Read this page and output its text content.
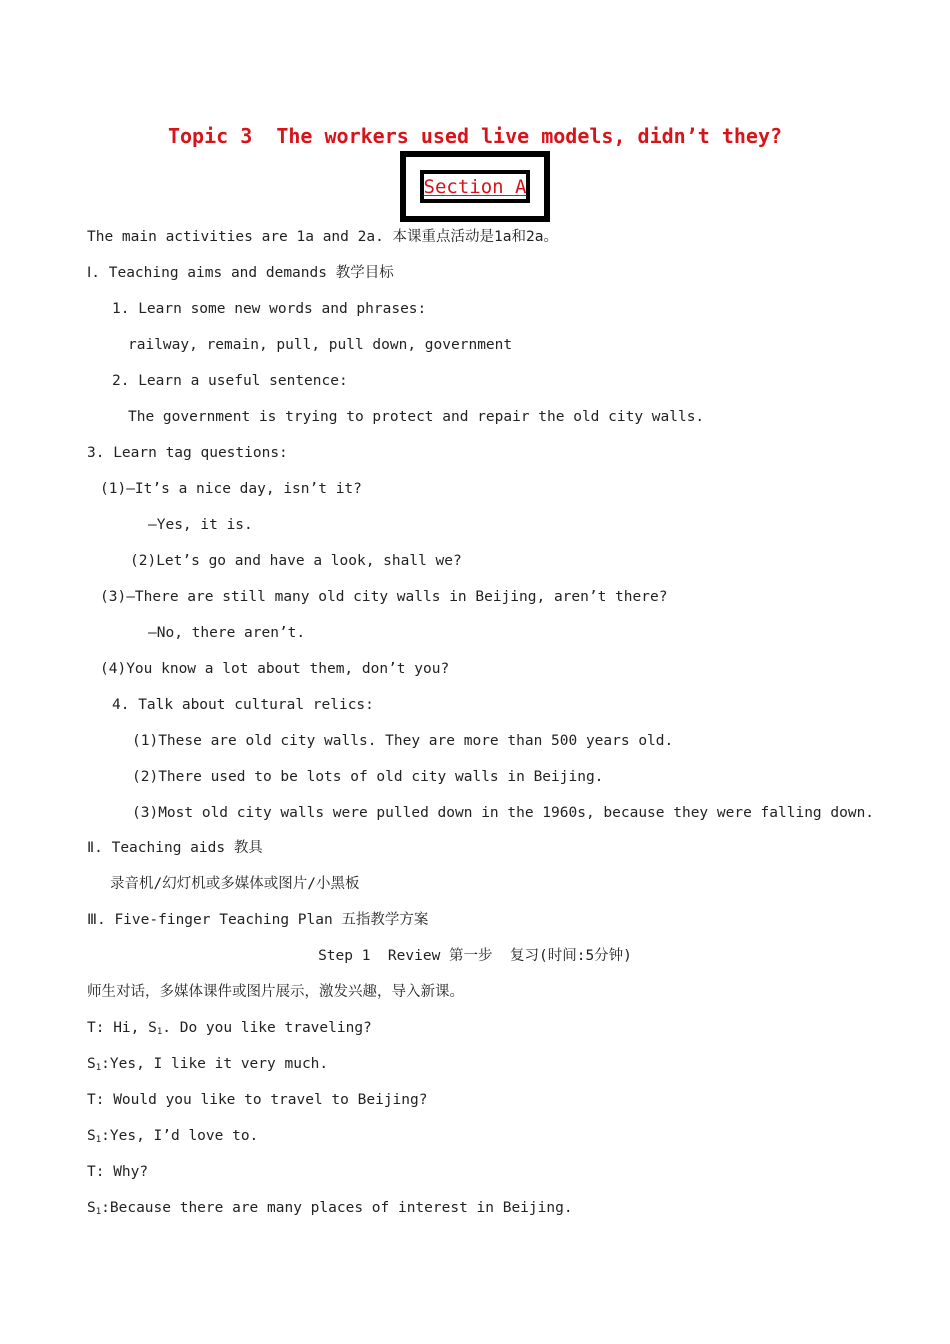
Topic 3  The workers used live models, didn’t they?
Section A
The main activities are 1a and 2a. 本课重点活动是1a和2a。
Ⅰ. Teaching aims and demands 教学目标
1. Learn some new words and phrases:
railway, remain, pull, pull down, government
2. Learn a useful sentence:
The government is trying to protect and repair the old city walls.
3. Learn tag questions:
(1)—It’s a nice day, isn’t it?
—Yes, it is.
(2)Let’s go and have a look, shall we?
(3)—There are still many old city walls in Beijing, aren’t there?
—No, there aren’t.
(4)You know a lot about them, don’t you?
4. Talk about cultural relics:
(1)These are old city walls. They are more than 500 years old.
(2)There used to be lots of old city walls in Beijing.
(3)Most old city walls were pulled down in the 1960s, because they were falling down.
Ⅱ. Teaching aids 教具
录音机/幻灯机或多媒体或图片/小黑板
Ⅲ. Five-finger Teaching Plan 五指教学方案
Step 1  Review 第一步  复习(时间:5分钟)
师生对话，多媒体课件或图片展示，激发兴趣，导入新课。
T: Hi, $S_1$. Do you like traveling?
$S_1:Yes$, I like it very much.
T: Would you like to travel to Beijing?
$S_1:Yes$, I’d love to.
T: Why?
$S_1:Because$ there are many places of interest in Beijing.
